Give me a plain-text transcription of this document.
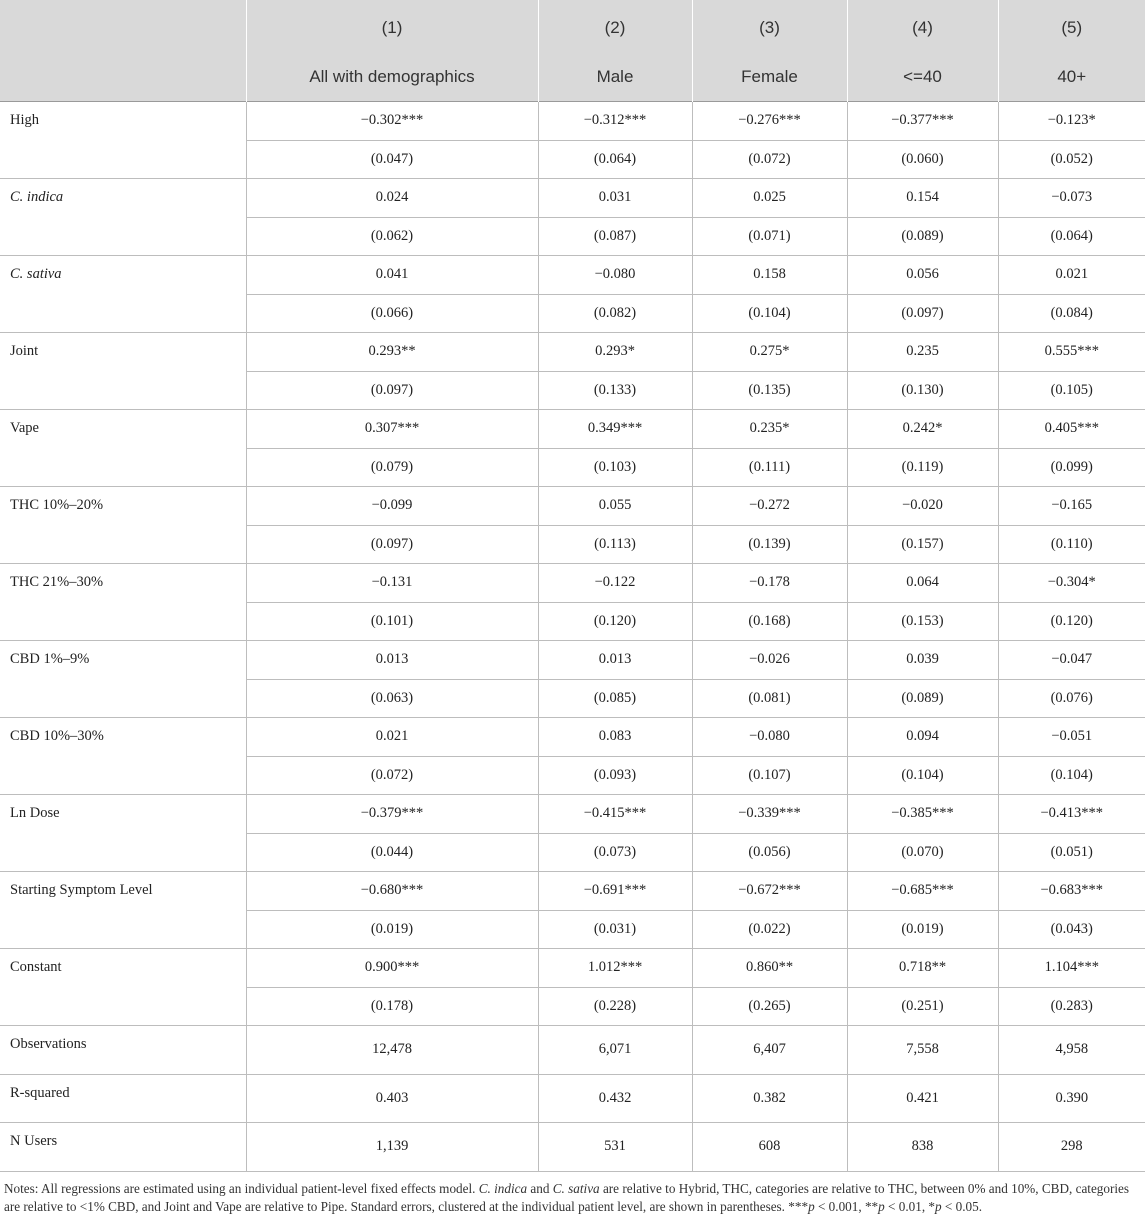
	(1)	(2)	(3)	(4)	(5)
	All with demographics	Male	Female	<=40	40+
High	−0.302***	−0.312***	−0.276***	−0.377***	−0.123*
	(0.047)	(0.064)	(0.072)	(0.060)	(0.052)
C. indica	0.024	0.031	0.025	0.154	−0.073
	(0.062)	(0.087)	(0.071)	(0.089)	(0.064)
C. sativa	0.041	−0.080	0.158	0.056	0.021
	(0.066)	(0.082)	(0.104)	(0.097)	(0.084)
Joint	0.293**	0.293*	0.275*	0.235	0.555***
	(0.097)	(0.133)	(0.135)	(0.130)	(0.105)
Vape	0.307***	0.349***	0.235*	0.242*	0.405***
	(0.079)	(0.103)	(0.111)	(0.119)	(0.099)
THC 10%–20%	−0.099	0.055	−0.272	−0.020	−0.165
	(0.097)	(0.113)	(0.139)	(0.157)	(0.110)
THC 21%–30%	−0.131	−0.122	−0.178	0.064	−0.304*
	(0.101)	(0.120)	(0.168)	(0.153)	(0.120)
CBD 1%–9%	0.013	0.013	−0.026	0.039	−0.047
	(0.063)	(0.085)	(0.081)	(0.089)	(0.076)
CBD 10%–30%	0.021	0.083	−0.080	0.094	−0.051
	(0.072)	(0.093)	(0.107)	(0.104)	(0.104)
Ln Dose	−0.379***	−0.415***	−0.339***	−0.385***	−0.413***
	(0.044)	(0.073)	(0.056)	(0.070)	(0.051)
Starting Symptom Level	−0.680***	−0.691***	−0.672***	−0.685***	−0.683***
	(0.019)	(0.031)	(0.022)	(0.019)	(0.043)
Constant	0.900***	1.012***	0.860**	0.718**	1.104***
	(0.178)	(0.228)	(0.265)	(0.251)	(0.283)
Observations	12,478	6,071	6,407	7,558	4,958
R-squared	0.403	0.432	0.382	0.421	0.390
N Users	1,139	531	608	838	298
Notes: All regressions are estimated using an individual patient-level fixed effects model. C. indica and C. sativa are relative to Hybrid, THC, categories are relative to THC, between 0% and 10%, CBD, categories are relative to <1% CBD, and Joint and Vape are relative to Pipe. Standard errors, clustered at the individual patient level, are shown in parentheses. ***p < 0.001, **p < 0.01, *p < 0.05.
